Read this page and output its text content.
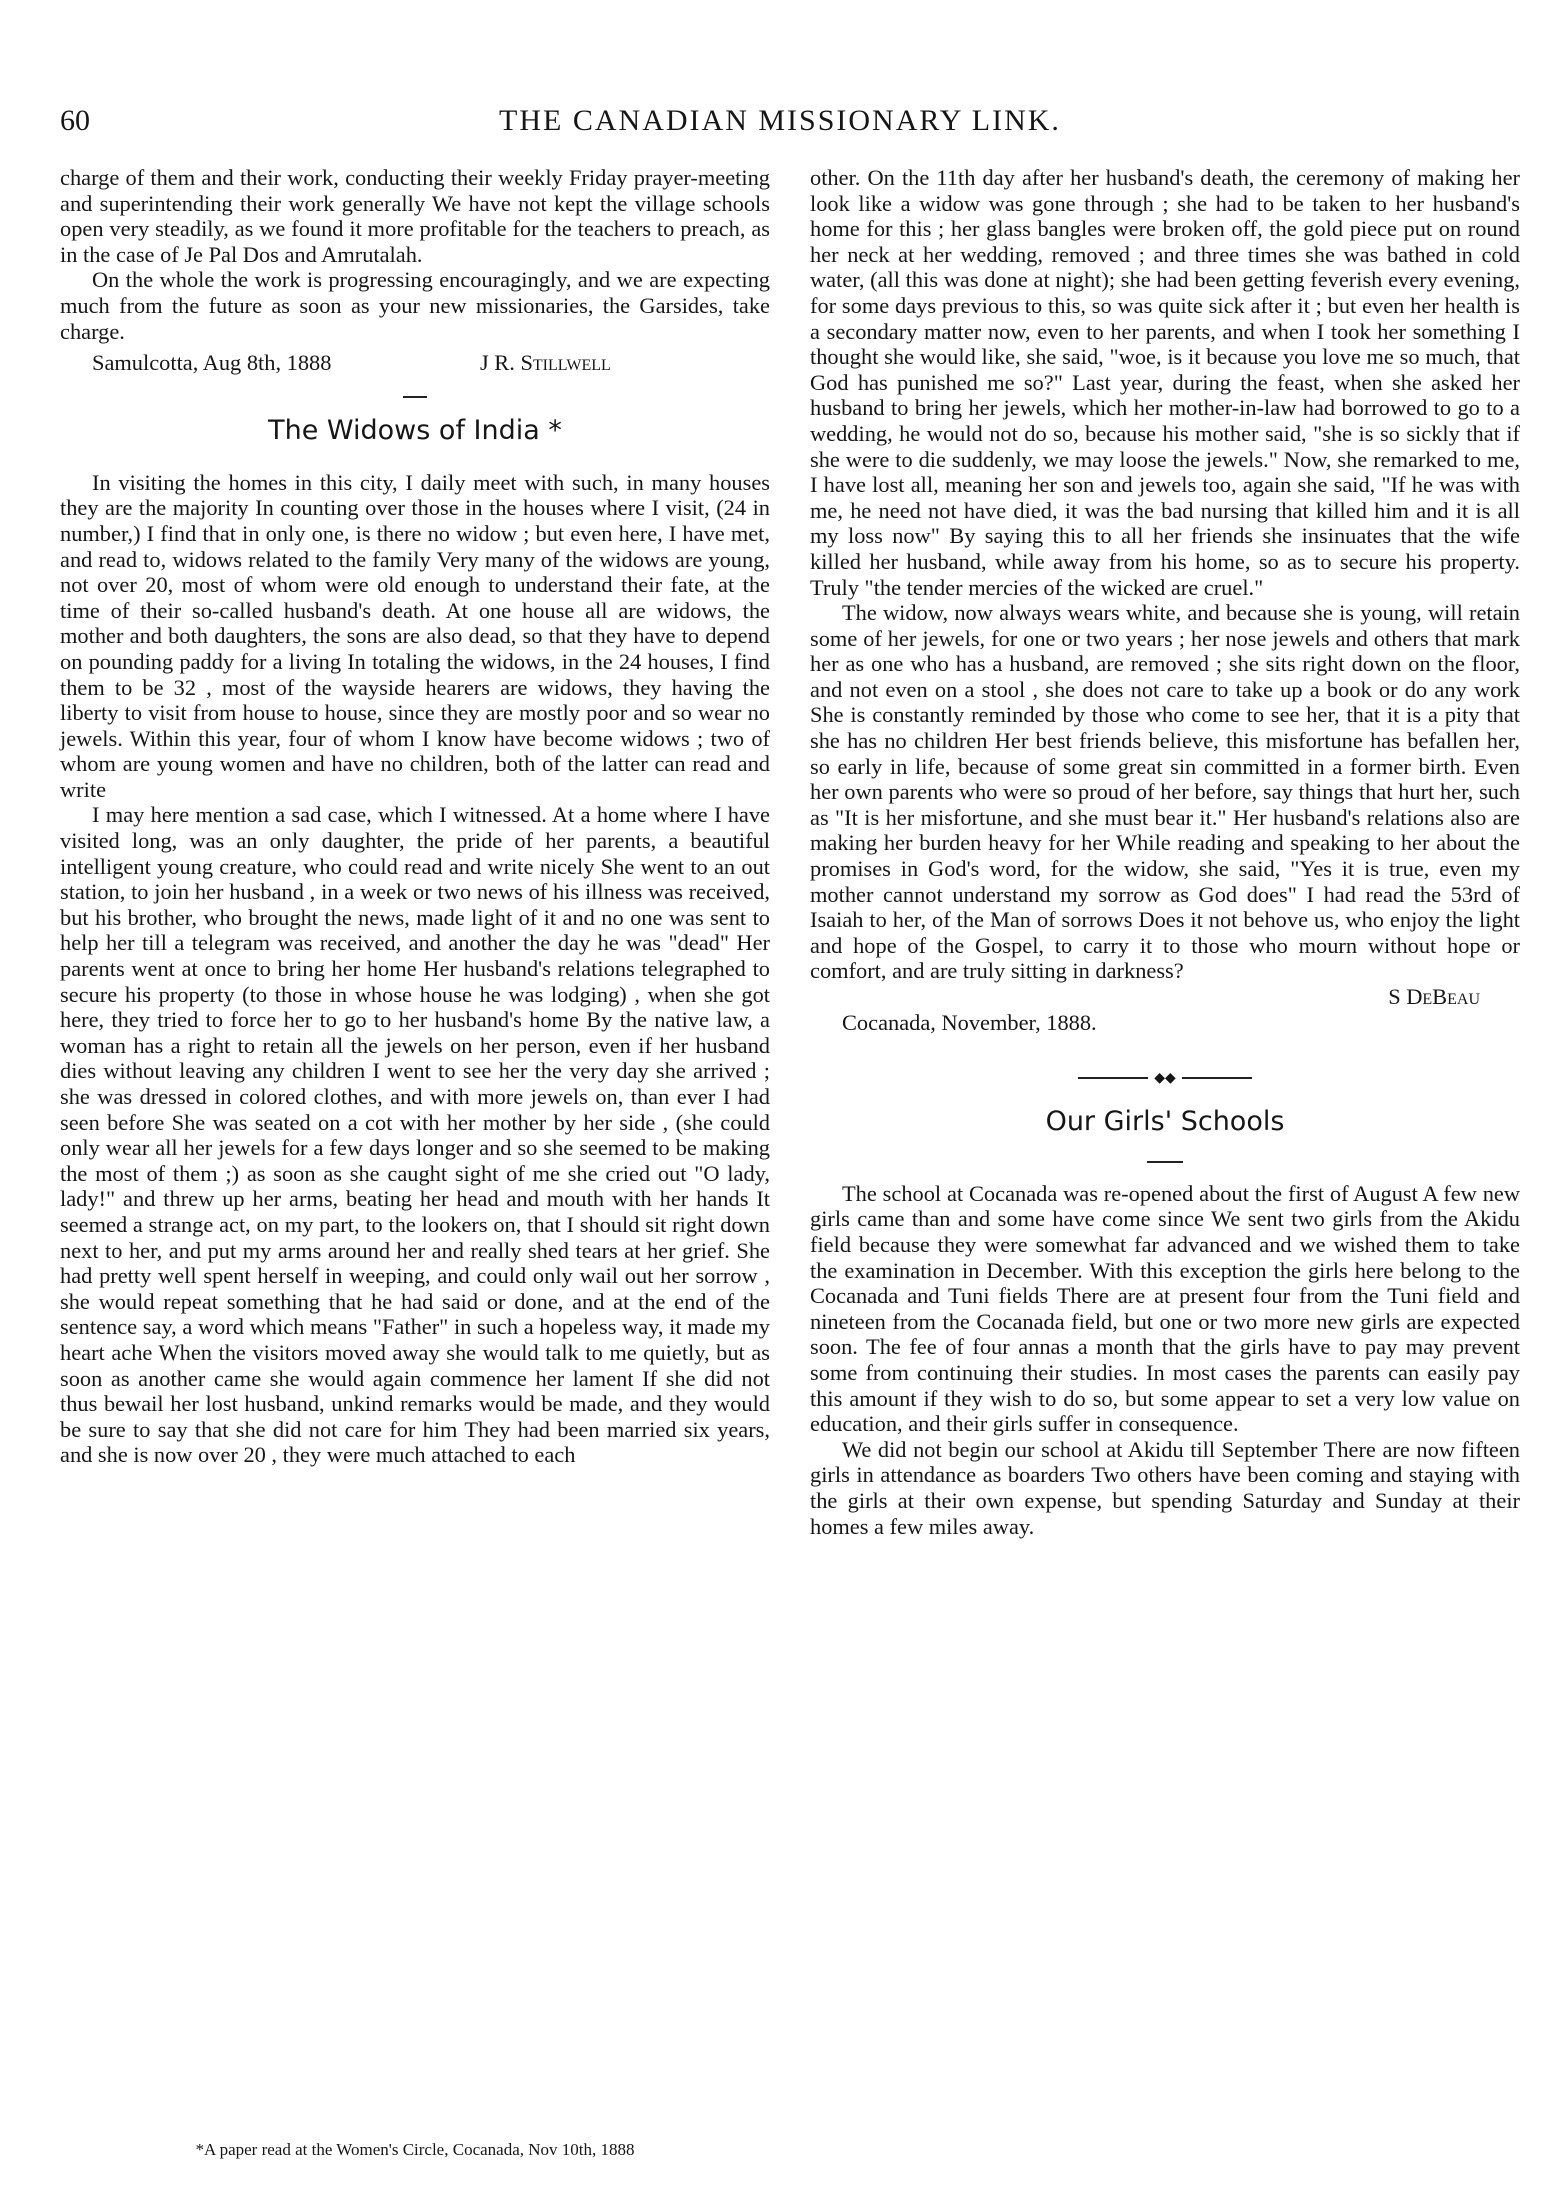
60	THE CANADIAN MISSIONARY LINK.

charge of them and their work, conducting their weekly Friday prayer-meeting and superintending their work generally We have not kept the village schools open very steadily, as we found it more profitable for the teachers to preach, as in the case of Je Pal Dos and Amrutalah.

On the whole the work is progressing encouragingly, and we are expecting much from the future as soon as your new missionaries, the Garsides, take charge.

Samulcotta, Aug 8th, 1888	J R. Stillwell
The Widows of India *

In visiting the homes in this city, I daily meet with such, in many houses they are the majority In counting over those in the houses where I visit, (24 in number,) I find that in only one, is there no widow ; but even here, I have met, and read to, widows related to the family Very many of the widows are young, not over 20, most of whom were old enough to understand their fate, at the time of their so-called husband's death. At one house all are widows, the mother and both daughters, the sons are also dead, so that they have to depend on pounding paddy for a living In totaling the widows, in the 24 houses, I find them to be 32 , most of the wayside hearers are widows, they having the liberty to visit from house to house, since they are mostly poor and so wear no jewels. Within this year, four of whom I know have become widows ; two of whom are young women and have no children, both of the latter can read and write

I may here mention a sad case, which I witnessed. At a home where I have visited long, was an only daughter, the pride of her parents, a beautiful intelligent young creature, who could read and write nicely She went to an out station, to join her husband , in a week or two news of his illness was received, but his brother, who brought the news, made light of it and no one was sent to help her till a telegram was received, and another the day he was "dead" Her parents went at once to bring her home Her husband's relations telegraphed to secure his property (to those in whose house he was lodging) , when she got here, they tried to force her to go to her husband's home By the native law, a woman has a right to retain all the jewels on her person, even if her husband dies without leaving any children I went to see her the very day she arrived ; she was dressed in colored clothes, and with more jewels on, than ever I had seen before She was seated on a cot with her mother by her side , (she could only wear all her jewels for a few days longer and so she seemed to be making the most of them ;) as soon as she caught sight of me she cried out "O lady, lady!" and threw up her arms, beating her head and mouth with her hands It seemed a strange act, on my part, to the lookers on, that I should sit right down next to her, and put my arms around her and really shed tears at her grief. She had pretty well spent herself in weeping, and could only wail out her sorrow , she would repeat something that he had said or done, and at the end of the sentence say, a word which means "Father" in such a hopeless way, it made my heart ache When the visitors moved away she would talk to me quietly, but as soon as another came she would again commence her lament If she did not thus bewail her lost husband, unkind remarks would be made, and they would be sure to say that she did not care for him They had been married six years, and she is now over 20 , they were much attached to each

other. On the 11th day after her husband's death, the ceremony of making her look like a widow was gone through ; she had to be taken to her husband's home for this ; her glass bangles were broken off, the gold piece put on round her neck at her wedding, removed ; and three times she was bathed in cold water, (all this was done at night); she had been getting feverish every evening, for some days previous to this, so was quite sick after it ; but even her health is a secondary matter now, even to her parents, and when I took her something I thought she would like, she said, "woe, is it because you love me so much, that God has punished me so?" Last year, during the feast, when she asked her husband to bring her jewels, which her mother-in-law had borrowed to go to a wedding, he would not do so, because his mother said, "she is so sickly that if she were to die suddenly, we may loose the jewels." Now, she remarked to me, I have lost all, meaning her son and jewels too, again she said, "If he was with me, he need not have died, it was the bad nursing that killed him and it is all my loss now" By saying this to all her friends she insinuates that the wife killed her husband, while away from his home, so as to secure his property. Truly "the tender mercies of the wicked are cruel."

The widow, now always wears white, and because she is young, will retain some of her jewels, for one or two years ; her nose jewels and others that mark her as one who has a husband, are removed ; she sits right down on the floor, and not even on a stool , she does not care to take up a book or do any work She is constantly reminded by those who come to see her, that it is a pity that she has no children Her best friends believe, this misfortune has befallen her, so early in life, because of some great sin committed in a former birth. Even her own parents who were so proud of her before, say things that hurt her, such as "It is her misfortune, and she must bear it." Her husband's relations also are making her burden heavy for her While reading and speaking to her about the promises in God's word, for the widow, she said, "Yes it is true, even my mother cannot understand my sorrow as God does" I had read the 53rd of Isaiah to her, of the Man of sorrows Does it not behove us, who enjoy the light and hope of the Gospel, to carry it to those who mourn without hope or comfort, and are truly sitting in darkness?

S DeBeau

Cocanada, November, 1888.

◆◆
Our Girls' Schools

The school at Cocanada was re-opened about the first of August A few new girls came than and some have come since We sent two girls from the Akidu field because they were somewhat far advanced and we wished them to take the examination in December. With this exception the girls here belong to the Cocanada and Tuni fields There are at present four from the Tuni field and nineteen from the Cocanada field, but one or two more new girls are expected soon. The fee of four annas a month that the girls have to pay may prevent some from continuing their studies. In most cases the parents can easily pay this amount if they wish to do so, but some appear to set a very low value on education, and their girls suffer in consequence.

We did not begin our school at Akidu till September There are now fifteen girls in attendance as boarders Two others have been coming and staying with the girls at their own expense, but spending Saturday and Sunday at their homes a few miles away.

*A paper read at the Women's Circle, Cocanada, Nov 10th, 1888
